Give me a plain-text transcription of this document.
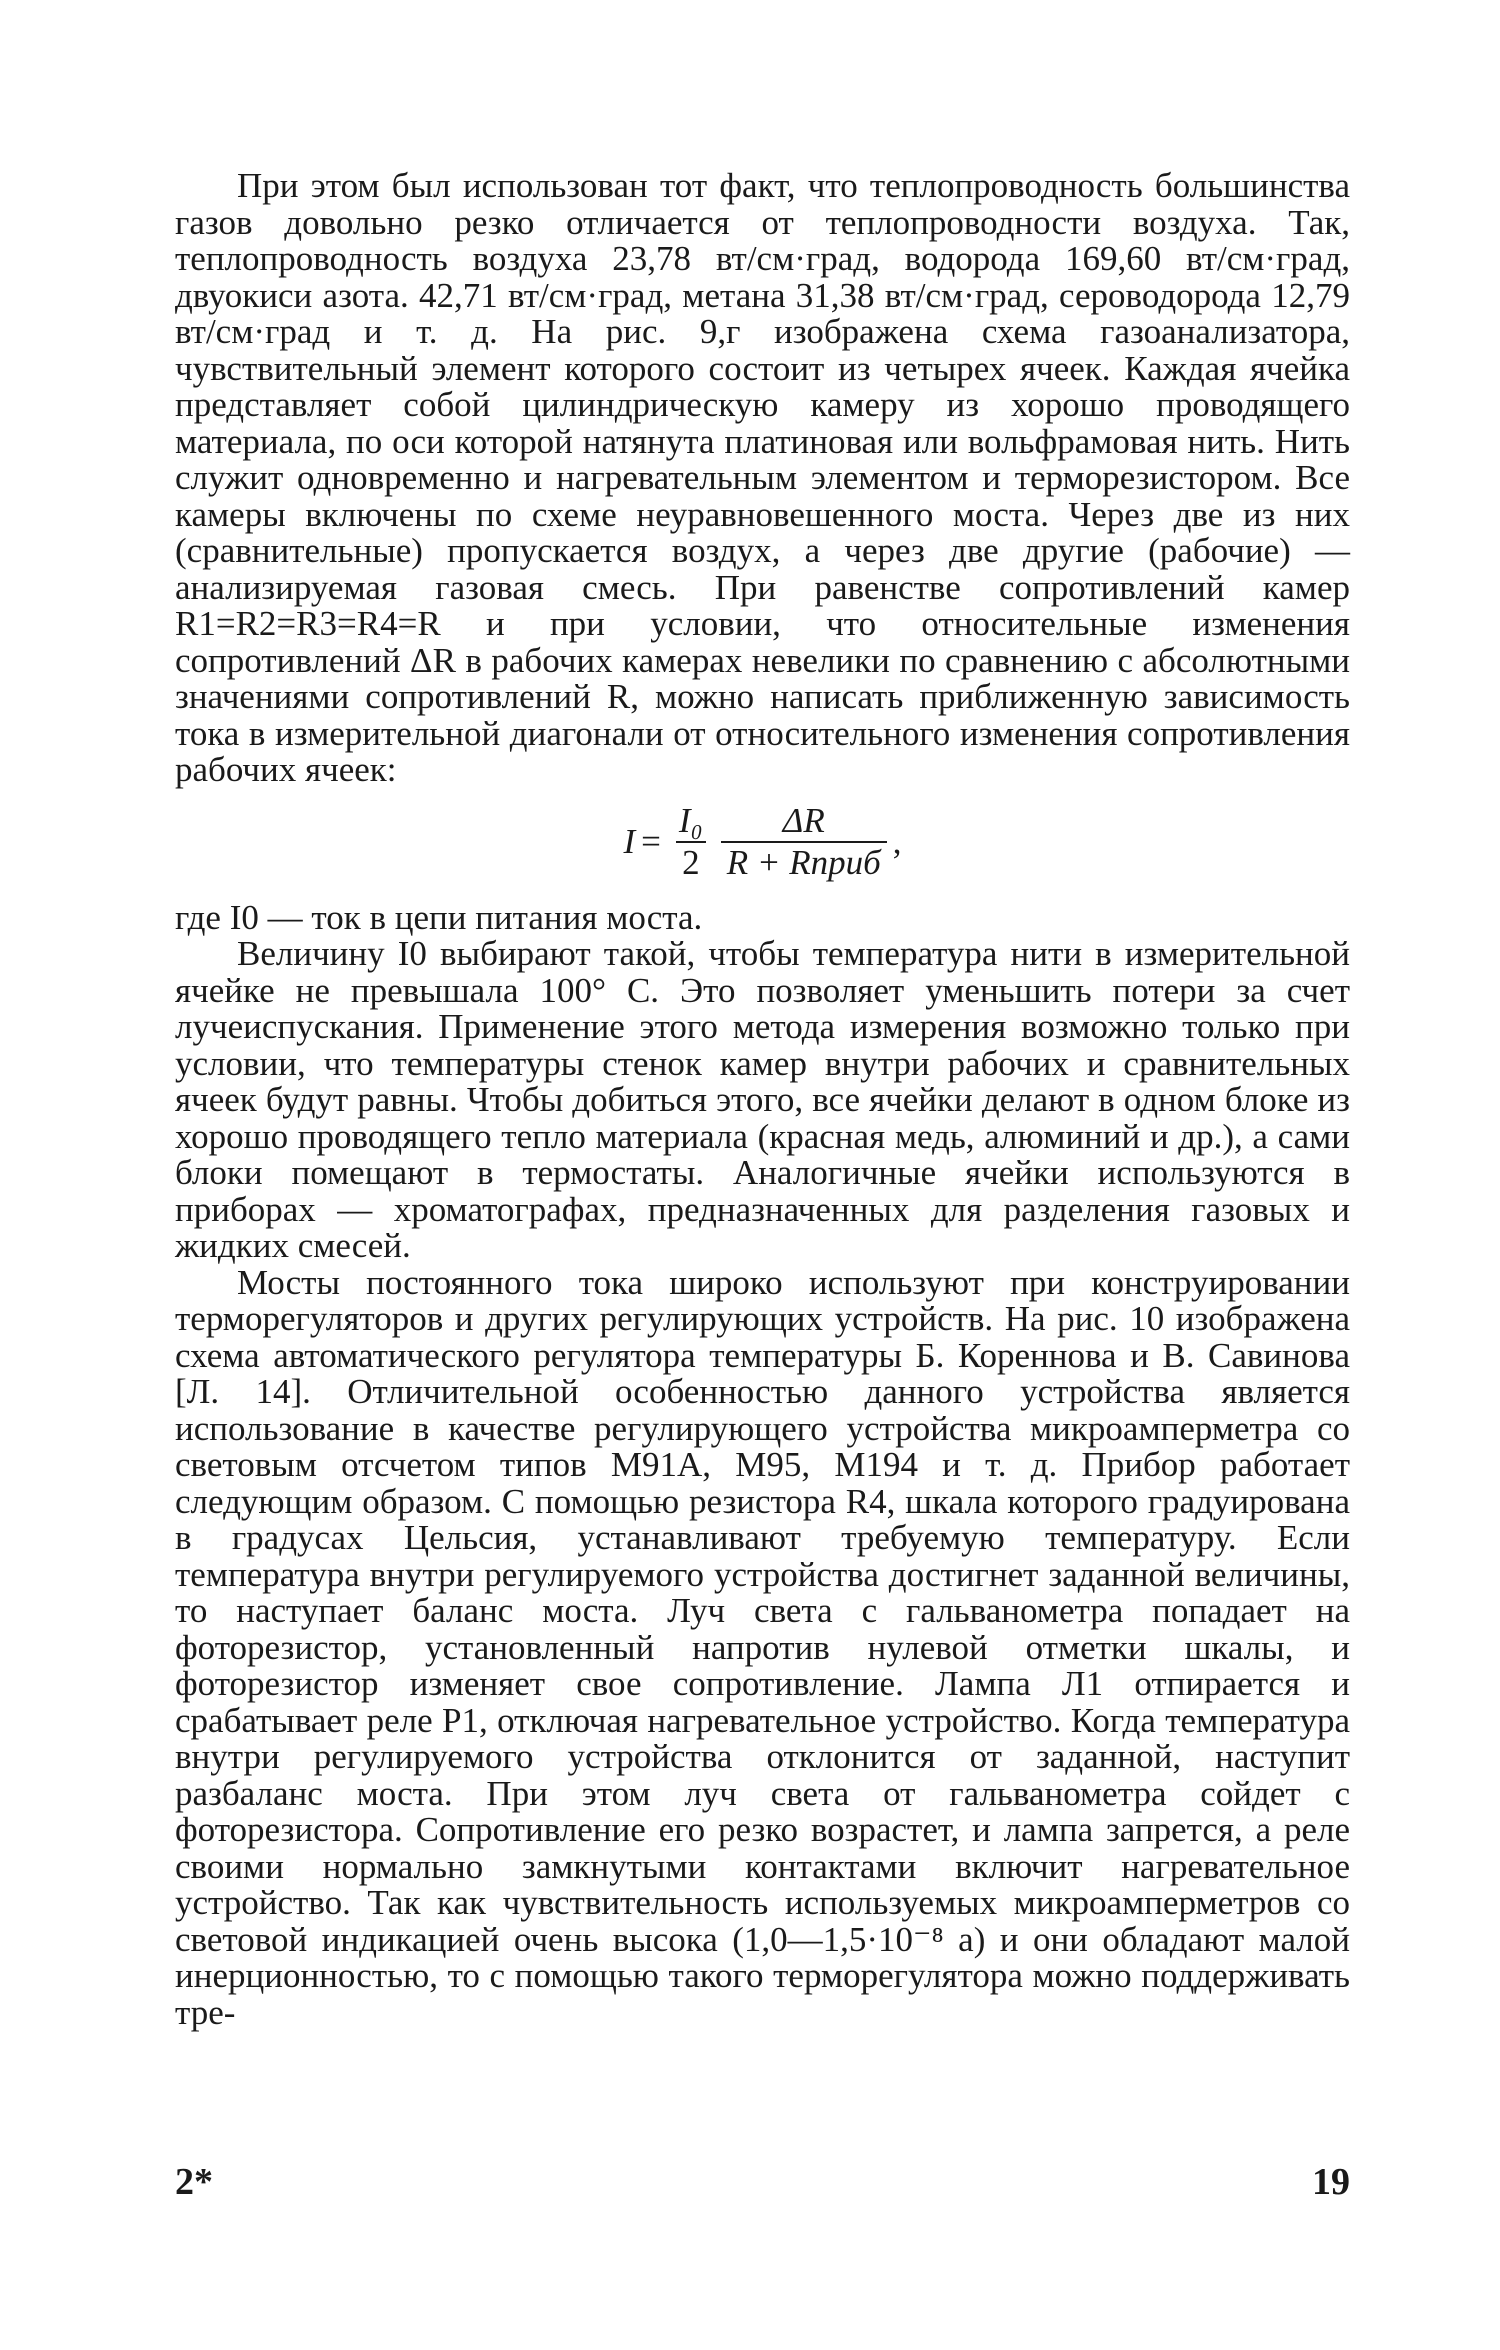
При этом был использован тот факт, что теплопроводность большинства газов довольно резко отличается от теплопроводности воздуха. Так, теплопроводность воздуха 23,78 вт/см·град, водорода 169,60 вт/см·град, двуокиси азота. 42,71 вт/см·град, метана 31,38 вт/см·град, сероводорода 12,79 вт/см·град и т. д. На рис. 9,г изображена схема газоанализатора, чувствительный элемент которого состоит из четырех ячеек. Каждая ячейка представляет собой цилиндрическую камеру из хорошо проводящего материала, по оси которой натянута платиновая или вольфрамовая нить. Нить служит одновременно и нагревательным элементом и терморезистором. Все камеры включены по схеме неуравновешенного моста. Через две из них (сравнительные) пропускается воздух, а через две другие (рабочие) — анализируемая газовая смесь. При равенстве сопротивлений камер R1=R2=R3=R4=R и при условии, что относительные изменения сопротивлений ΔR в рабочих камерах невелики по сравнению с абсолютными значениями сопротивлений R, можно написать приближенную зависимость тока в измерительной диагонали от относительного изменения сопротивления рабочих ячеек:

$I = \frac{\text{I₀}}{2} \frac{\Delta R}{\text{R + Rприб}}$ ,

где I0 — ток в цепи питания моста.

Величину I0 выбирают такой, чтобы температура нити в измерительной ячейке не превышала 100° С. Это позволяет уменьшить потери за счет лучеиспускания. Применение этого метода измерения возможно только при условии, что температуры стенок камер внутри рабочих и сравнительных ячеек будут равны. Чтобы добиться этого, все ячейки делают в одном блоке из хорошо проводящего тепло материала (красная медь, алюминий и др.), а сами блоки помещают в термостаты. Аналогичные ячейки используются в приборах — хроматографах, предназначенных для разделения газовых и жидких смесей.

Мосты постоянного тока широко используют при конструировании терморегуляторов и других регулирующих устройств. На рис. 10 изображена схема автоматического регулятора температуры Б. Кореннова и В. Савинова [Л. 14]. Отличительной особенностью данного устройства является использование в качестве регулирующего устройства микроамперметра со световым отсчетом типов М91А, М95, М194 и т. д. Прибор работает следующим образом. С помощью резистора R4, шкала которого градуирована в градусах Цельсия, устанавливают требуемую температуру. Если температура внутри регулируемого устройства достигнет заданной величины, то наступает баланс моста. Луч света с гальванометра попадает на фоторезистор, установленный напротив нулевой отметки шкалы, и фоторезистор изменяет свое сопротивление. Лампа Л1 отпирается и срабатывает реле Р1, отключая нагревательное устройство. Когда температура внутри регулируемого устройства отклонится от заданной, наступит разбаланс моста. При этом луч света от гальванометра сойдет с фоторезистора. Сопротивление его резко возрастет, и лампа запрется, а реле своими нормально замкнутыми контактами включит нагревательное устройство. Так как чувствительность используемых микроамперметров со световой индикацией очень высока (1,0—1,5·10⁻⁸ а) и они обладают малой инерционностью, то с помощью такого терморегулятора можно поддерживать тре-

2*	19
